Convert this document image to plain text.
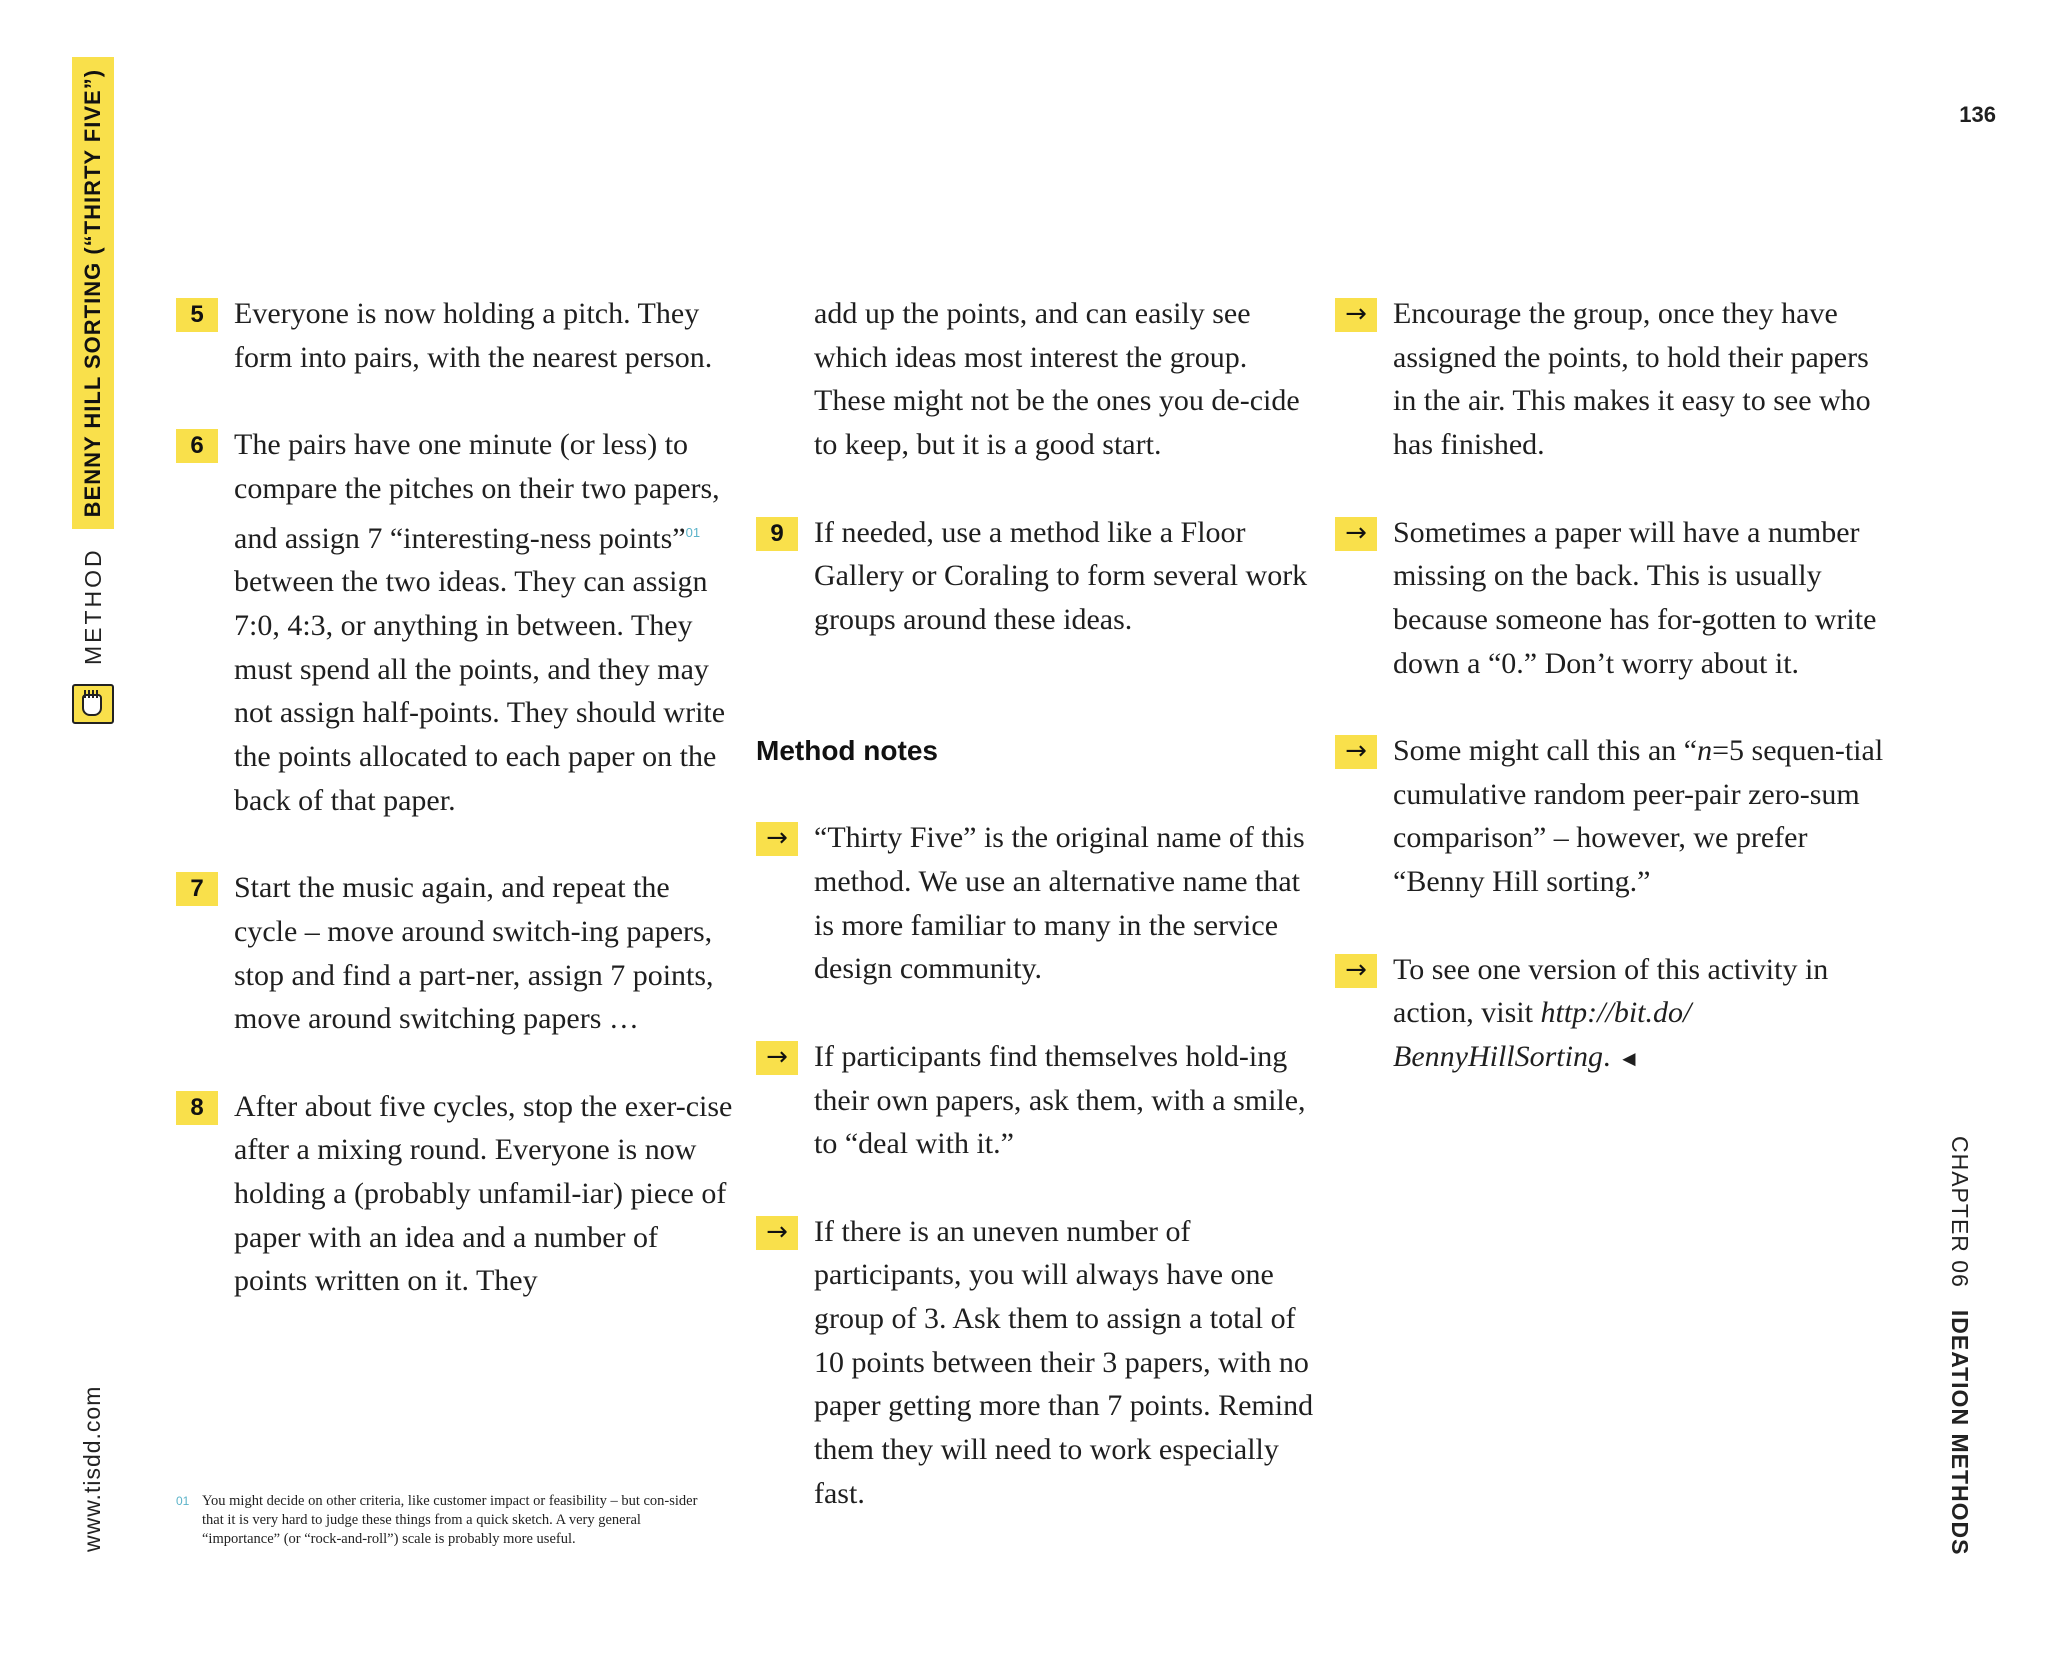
METHOD
BENNY HILL SORTING (“THIRTY FIVE”)
www.tisdd.com
136
CHAPTER 06IDEATION METHODS
5	Everyone is now holding a pitch. They form into pairs, with the nearest person.

6	The pairs have one minute (or less) to compare the pitches on their two papers, and assign 7 “interesting-ness points”$^{01}$ between the two ideas. They can assign 7:0, 4:3, or anything in between. They must spend all the points, and they may not assign half-points. They should write the points allocated to each paper on the back of that paper.

7	Start the music again, and repeat the cycle – move around switch-ing papers, stop and find a part-ner, assign 7 points, move around switching papers …

8	After about five cycles, stop the exer-cise after a mixing round. Everyone is now holding a (probably unfamil-iar) piece of paper with an idea and a number of points written on it. They

add up the points, and can easily see which ideas most interest the group. These might not be the ones you de-cide to keep, but it is a good start.

9	If needed, use a method like a Floor Gallery or Coraling to form several work groups around these ideas.

Method notes
→ “Thirty Five” is the original name of this method. We use an alternative name that is more familiar to many in the service design community.

→ If participants find themselves hold-ing their own papers, ask them, with a smile, to “deal with it.”

→ If there is an uneven number of participants, you will always have one group of 3. Ask them to assign a total of 10 points between their 3 papers, with no paper getting more than 7 points. Remind them they will need to work especially fast.

→ Encourage the group, once they have assigned the points, to hold their papers in the air. This makes it easy to see who has finished.

→ Sometimes a paper will have a number missing on the back. This is usually because someone has for-gotten to write down a “0.” Don’t worry about it.

→ Some might call this an “n=5 sequen-tial cumulative random peer-pair zero-sum comparison” – however, we prefer “Benny Hill sorting.”

→ To see one version of this activity in action, visit http://bit.do/ BennyHillSorting. ◄

01 You might decide on other criteria, like customer impact or feasibility – but con-sider that it is very hard to judge these things from a quick sketch. A very general “importance” (or “rock-and-roll”) scale is probably more useful.
